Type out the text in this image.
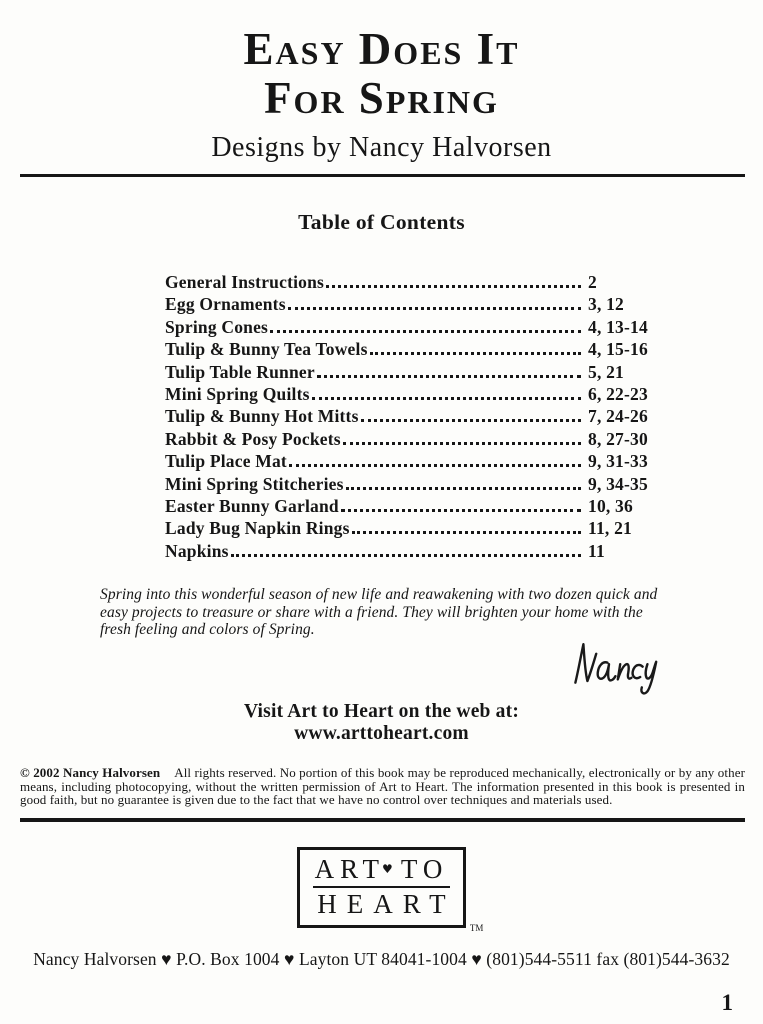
Easy Does It
For Spring
Designs by Nancy Halvorsen
Table of Contents
General Instructions	2
Egg Ornaments	3, 12
Spring Cones	4, 13-14
Tulip & Bunny Tea Towels	4, 15-16
Tulip Table Runner	5, 21
Mini Spring Quilts	6, 22-23
Tulip & Bunny Hot Mitts	7, 24-26
Rabbit & Posy Pockets	8, 27-30
Tulip Place Mat	9, 31-33
Mini Spring Stitcheries	9, 34-35
Easter Bunny Garland	10, 36
Lady Bug Napkin Rings	11, 21
Napkins	11

Spring into this wonderful season of new life and reawakening with two dozen quick and easy projects to treasure or share with a friend. They will brighten your home with the fresh feeling and colors of Spring.

Visit Art to Heart on the web at:
www.arttoheart.com

© 2002 Nancy Halvorsen All rights reserved. No portion of this book may be reproduced mechanically, electronically or by any other means, including photocopying, without the written permission of Art to Heart. The information presented in this book is presented in good faith, but no guarantee is given due to the fact that we have no control over techniques and materials used.

ART
♥ TO
HEART
TM
Nancy Halvorsen ♥ P.O. Box 1004 ♥ Layton UT 84041-1004 ♥ (801)544-5511 fax (801)544-3632
1
